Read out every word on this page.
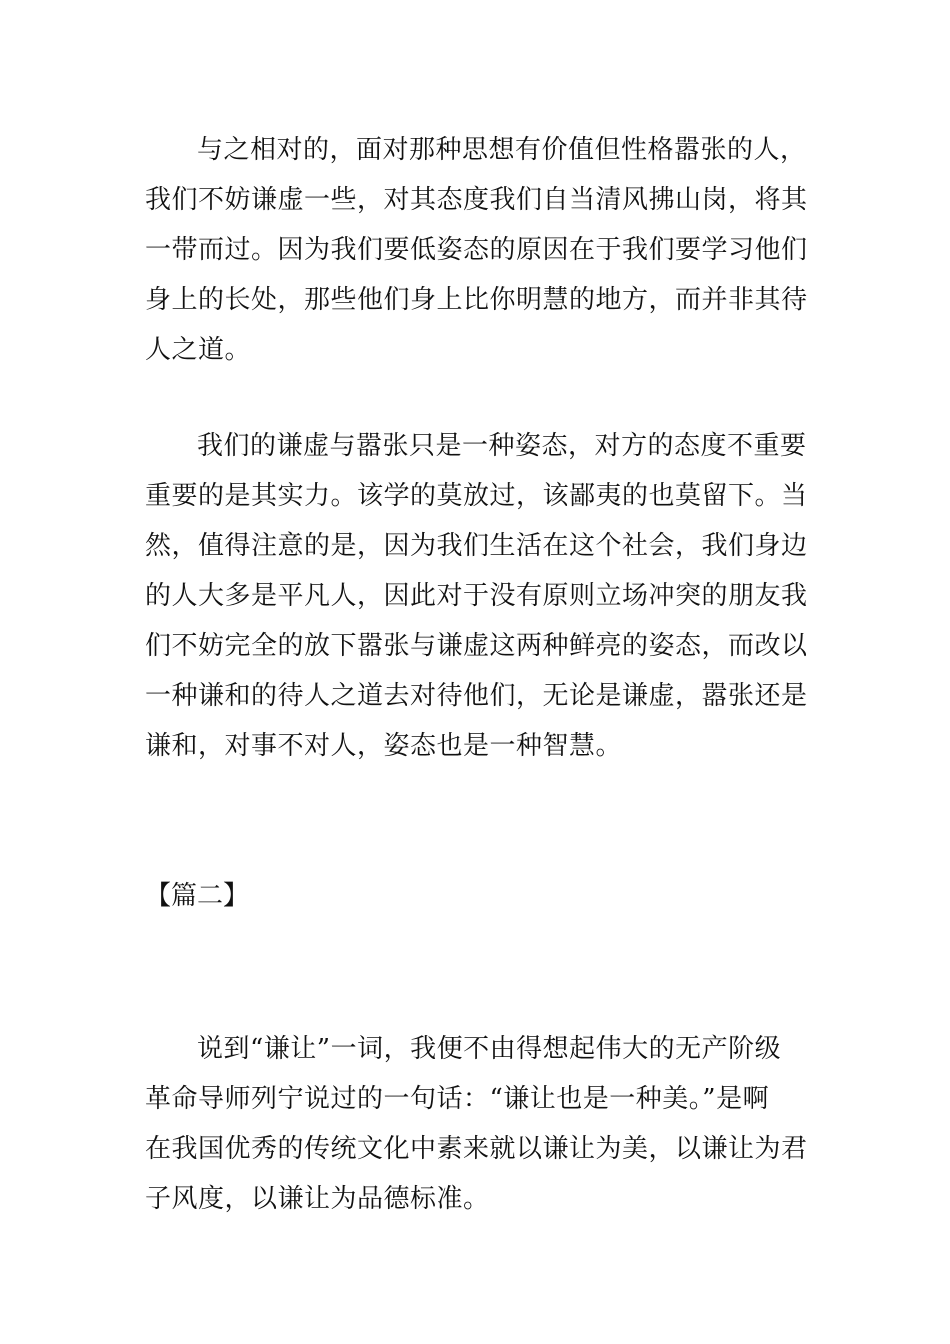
与之相对的，面对那种思想有价值但性格嚣张的人，
我们不妨谦虚一些，对其态度我们自当清风拂山岗，将其
一带而过。因为我们要低姿态的原因在于我们要学习他们
身上的长处，那些他们身上比你明慧的地方，而并非其待
人之道。
我们的谦虚与嚣张只是一种姿态，对方的态度不重要
重要的是其实力。该学的莫放过，该鄙夷的也莫留下。当
然，值得注意的是，因为我们生活在这个社会，我们身边
的人大多是平凡人，因此对于没有原则立场冲突的朋友我
们不妨完全的放下嚣张与谦虚这两种鲜亮的姿态，而改以
一种谦和的待人之道去对待他们，无论是谦虚，嚣张还是
谦和，对事不对人，姿态也是一种智慧。
【篇二】
说到“谦让”一词，我便不由得想起伟大的无产阶级
革命导师列宁说过的一句话：“谦让也是一种美。”是啊
在我国优秀的传统文化中素来就以谦让为美，以谦让为君
子风度，以谦让为品德标准。
